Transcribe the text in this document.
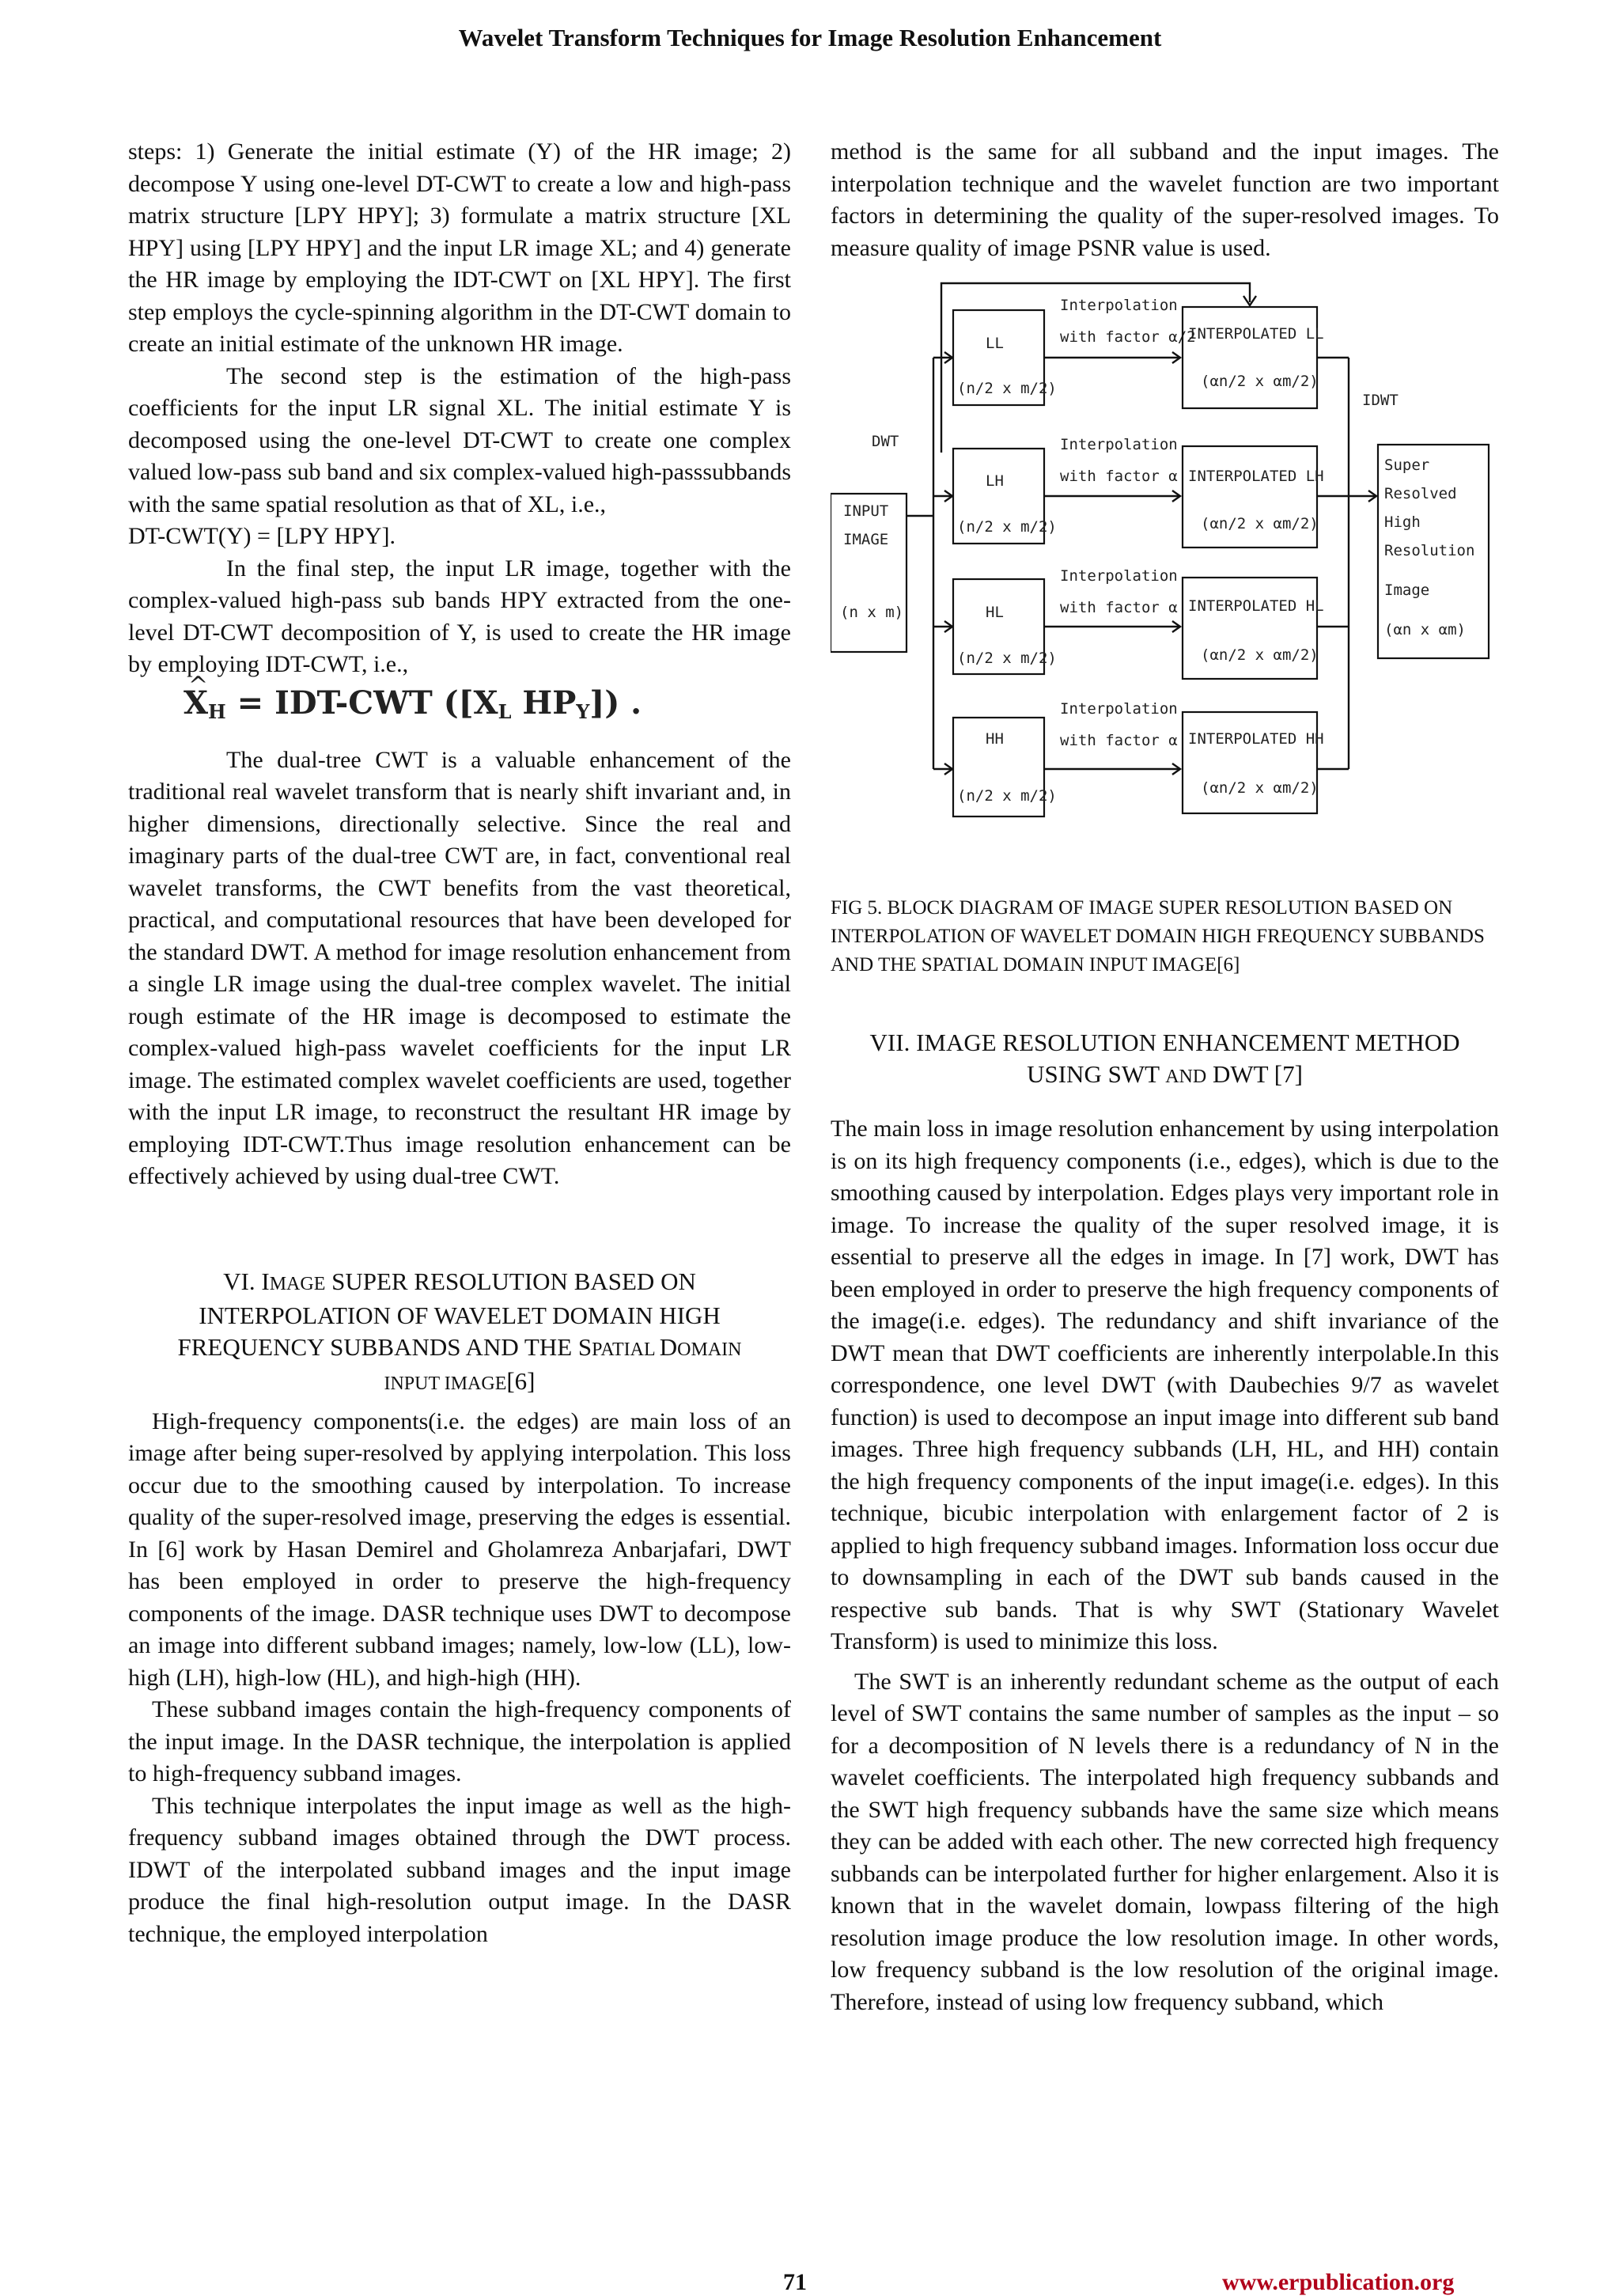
Wavelet Transform Techniques for Image Resolution Enhancement

steps: 1) Generate the initial estimate (Y) of the HR image; 2) decompose Y using one-level DT-CWT to create a low and high-pass matrix structure [LPY HPY]; 3) formulate a matrix structure [XL HPY] using [LPY HPY] and the input LR image XL; and 4) generate the HR image by employing the IDT-CWT on [XL HPY]. The first step employs the cycle-spinning algorithm in the DT-CWT domain to create an initial estimate of the unknown HR image.

The second step is the estimation of the high-pass coefficients for the input LR signal XL. The initial estimate Y is decomposed using the one-level DT-CWT to create one complex valued low-pass sub band and six complex-valued high-passsubbands with the same spatial resolution as that of XL, i.e.,

DT-CWT(Y) = [LPY HPY].

In the final step, the input LR image, together with the complex-valued high-pass sub bands HPY extracted from the one-level DT-CWT decomposition of Y, is used to create the HR image by employing IDT-CWT, i.e.,

^ $X_H = IDT-CWT$ ([$X_L$ $HP_Y$]) .

The dual-tree CWT is a valuable enhancement of the traditional real wavelet transform that is nearly shift invariant and, in higher dimensions, directionally selective. Since the real and imaginary parts of the dual-tree CWT are, in fact, conventional real wavelet transforms, the CWT benefits from the vast theoretical, practical, and computational resources that have been developed for the standard DWT. A method for image resolution enhancement from a single LR image using the dual-tree complex wavelet. The initial rough estimate of the HR image is decomposed to estimate the complex-valued high-pass wavelet coefficients for the input LR image. The estimated complex wavelet coefficients are used, together with the input LR image, to reconstruct the resultant HR image by employing IDT-CWT.Thus image resolution enhancement can be effectively achieved by using dual-tree CWT.

VI. IMAGE SUPER RESOLUTION BASED ON INTERPOLATION OF WAVELET DOMAIN HIGH FREQUENCY SUBBANDS AND THE SPATIAL DOMAIN
INPUT IMAGE[6]

High-frequency components(i.e. the edges) are main loss of an image after being super-resolved by applying interpolation. This loss occur due to the smoothing caused by interpolation. To increase quality of the super-resolved image, preserving the edges is essential. In [6] work by Hasan Demirel and Gholamreza Anbarjafari, DWT has been employed in order to preserve the high-frequency components of the image. DASR technique uses DWT to decompose an image into different subband images; namely, low-low (LL), low-high (LH), high-low (HL), and high-high (HH).

These subband images contain the high-frequency components of the input image. In the DASR technique, the interpolation is applied to high-frequency subband images.

This technique interpolates the input image as well as the high-frequency subband images obtained through the DWT process. IDWT of the interpolated subband images and the input image produce the final high-resolution output image. In the DASR technique, the employed interpolation

method is the same for all subband and the input images. The interpolation technique and the wavelet function are two important factors in determining the quality of the super-resolved images. To measure quality of image PSNR value is used.

INPUT
IMAGE
(n x m)
DWT
LL
(n/2 x m/2)
Interpolation
with factor α/2
INTERPOLATED LL
(αn/2 x αm/2)
LH
(n/2 x m/2)
Interpolation
with factor α INTERPOLATED LH
(αn/2 x αm/2)
HL
(n/2 x m/2)
Interpolation
with factor α INTERPOLATED HL
(αn/2 x αm/2)
HH
(n/2 x m/2)
Interpolation
with factor α INTERPOLATED HH
(αn/2 x αm/2)
IDWT
Super
Resolved
High
Resolution
Image
(αn x αm)

FIG 5. BLOCK DIAGRAM OF IMAGE SUPER RESOLUTION BASED ON INTERPOLATION OF WAVELET DOMAIN HIGH FREQUENCY SUBBANDS AND THE SPATIAL DOMAIN INPUT IMAGE[6]

VII. IMAGE RESOLUTION ENHANCEMENT METHOD
USING SWT AND DWT [7]

The main loss in image resolution enhancement by using interpolation is on its high frequency components (i.e., edges), which is due to the smoothing caused by interpolation. Edges plays very important role in image. To increase the quality of the super resolved image, it is essential to preserve all the edges in image. In [7] work, DWT has been employed in order to preserve the high frequency components of the image(i.e. edges). The redundancy and shift invariance of the DWT mean that DWT coefficients are inherently interpolable.In this correspondence, one level DWT (with Daubechies 9/7 as wavelet function) is used to decompose an input image into different sub band images. Three high frequency subbands (LH, HL, and HH) contain the high frequency components of the input image(i.e. edges). In this technique, bicubic interpolation with enlargement factor of 2 is applied to high frequency subband images. Information loss occur due to downsampling in each of the DWT sub bands caused in the respective sub bands. That is why SWT (Stationary Wavelet Transform) is used to minimize this loss.

The SWT is an inherently redundant scheme as the output of each level of SWT contains the same number of samples as the input – so for a decomposition of N levels there is a redundancy of N in the wavelet coefficients. The interpolated high frequency subbands and the SWT high frequency subbands have the same size which means they can be added with each other. The new corrected high frequency subbands can be interpolated further for higher enlargement. Also it is known that in the wavelet domain, lowpass filtering of the high resolution image produce the low resolution image. In other words, low frequency subband is the low resolution of the original image. Therefore, instead of using low frequency subband, which

71	www.erpublication.org
